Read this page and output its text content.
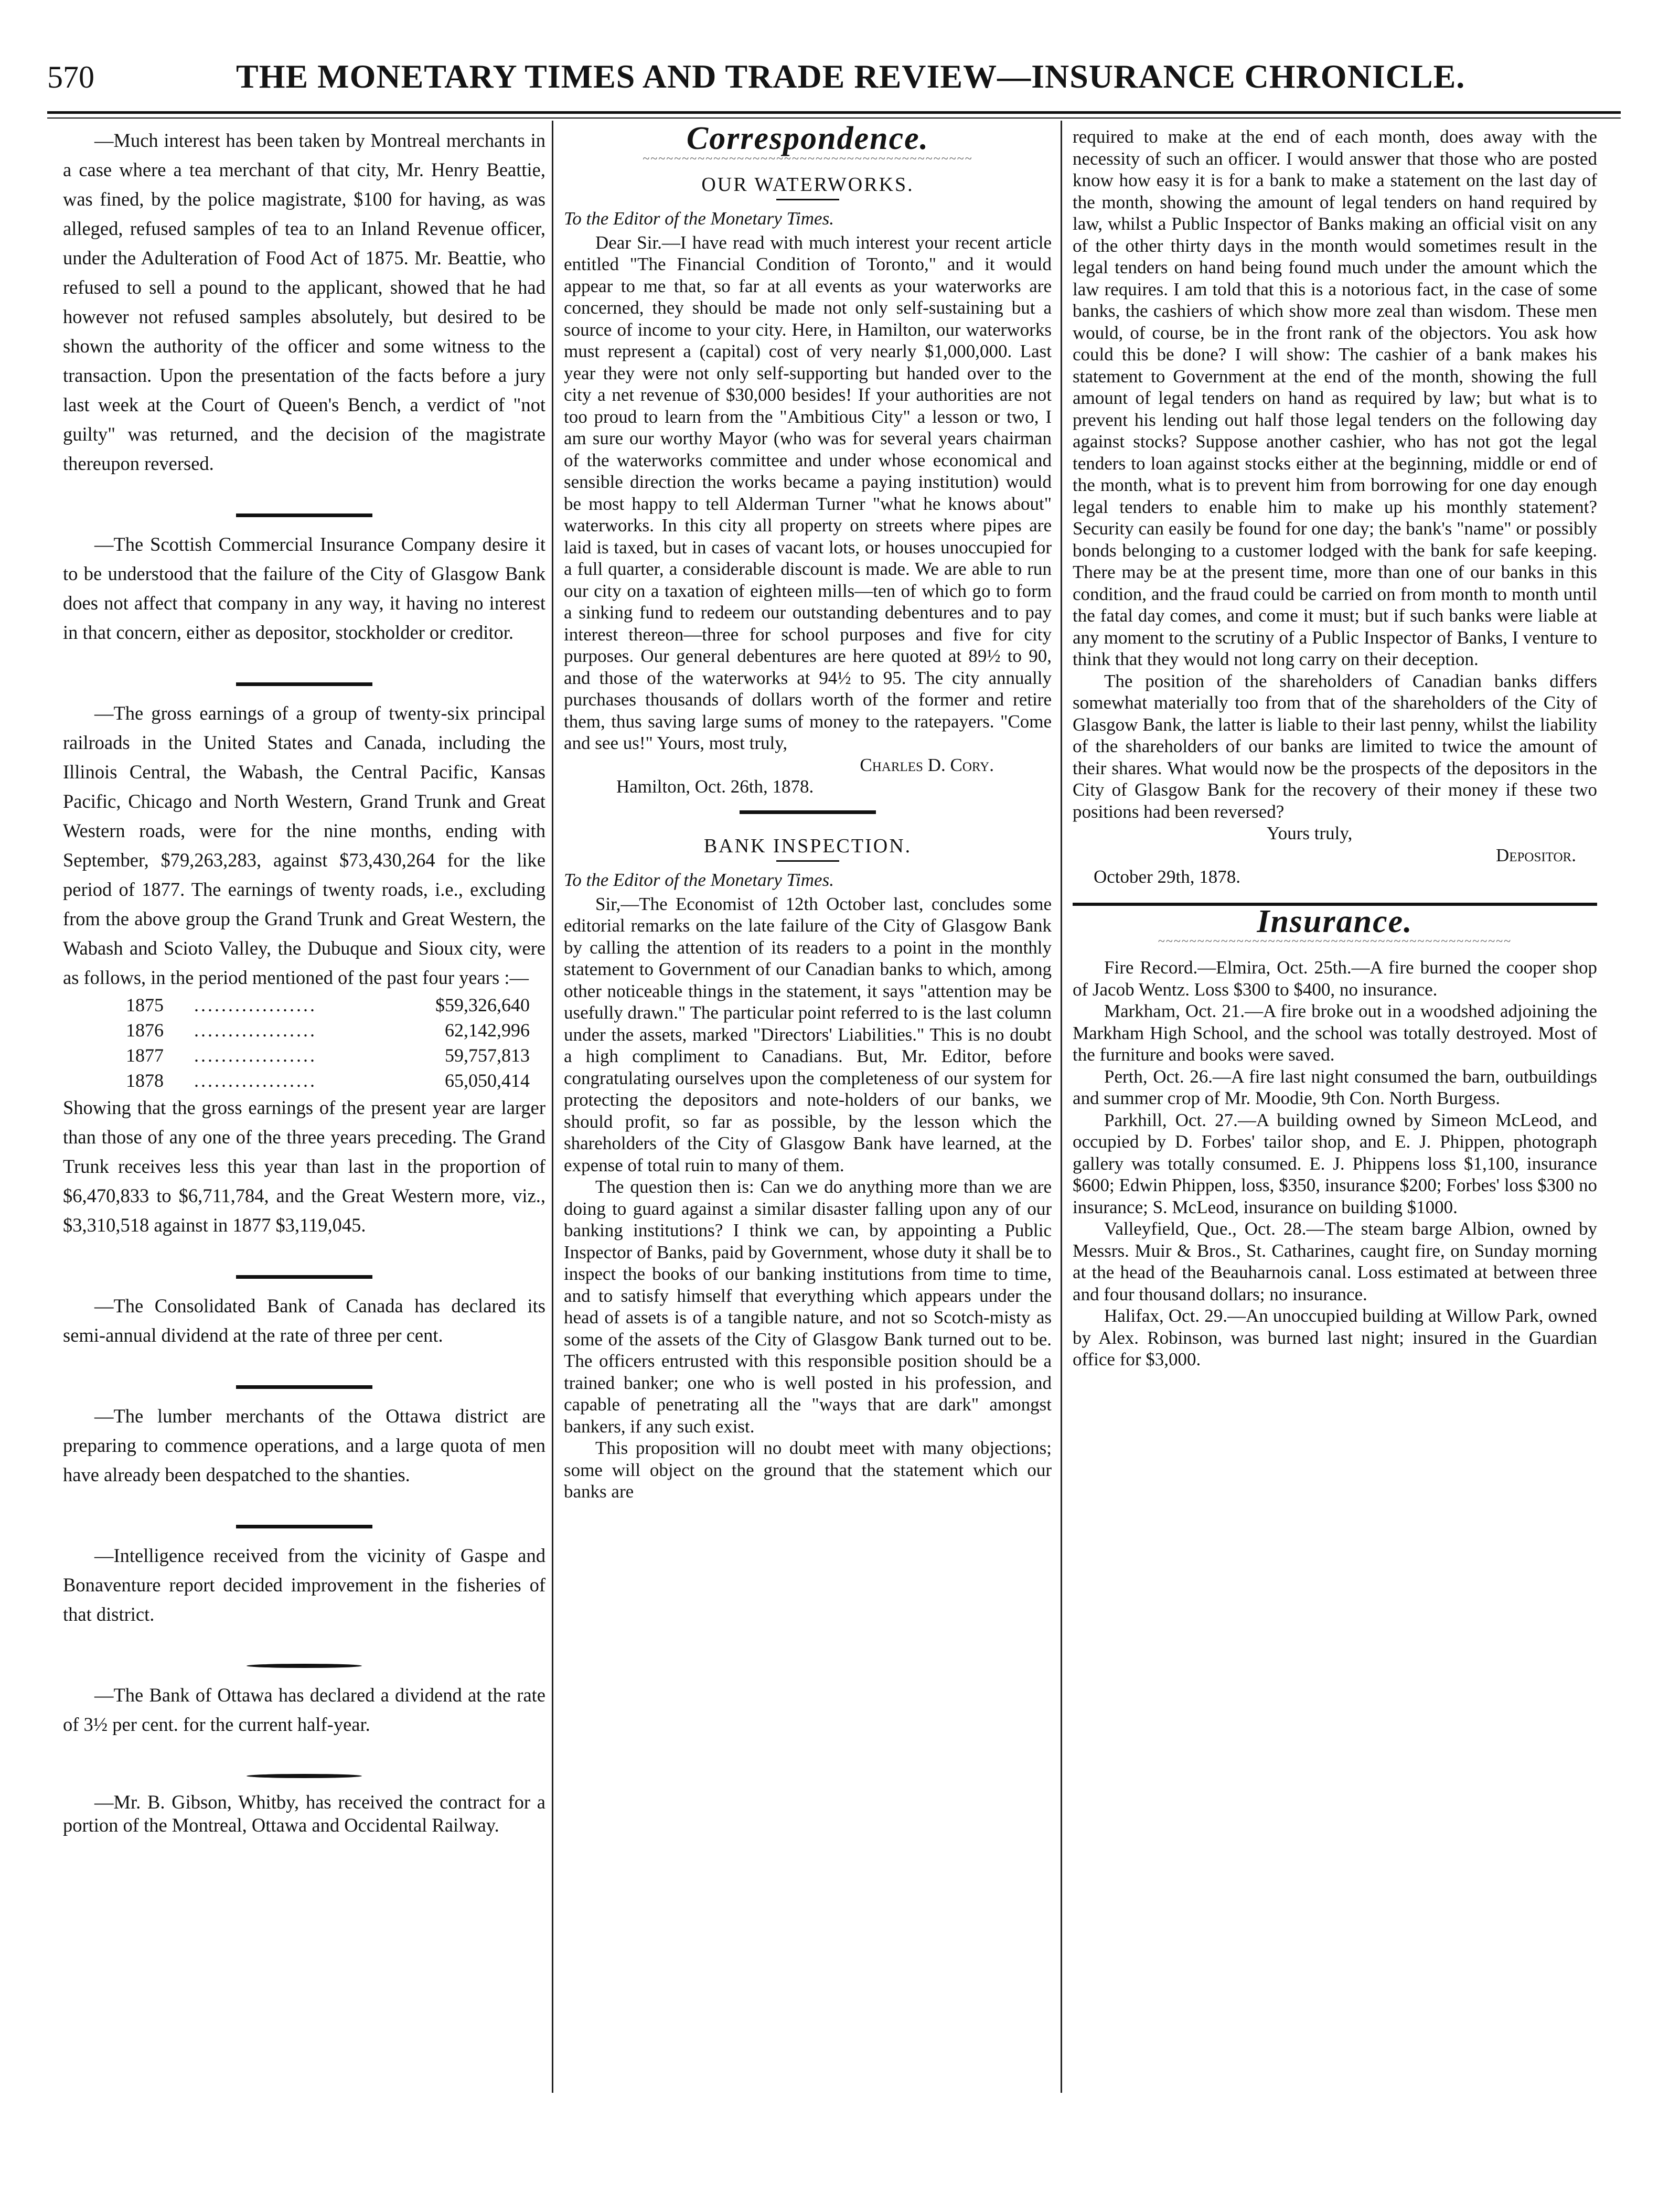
570	THE MONETARY TIMES AND TRADE REVIEW—INSURANCE CHRONICLE.

—Much interest has been taken by Montreal merchants in a case where a tea merchant of that city, Mr. Henry Beattie, was fined, by the police magistrate, $100 for having, as was alleged, refused samples of tea to an Inland Revenue officer, under the Adulteration of Food Act of 1875. Mr. Beattie, who refused to sell a pound to the applicant, showed that he had however not refused samples absolutely, but desired to be shown the authority of the officer and some witness to the transaction. Upon the presentation of the facts before a jury last week at the Court of Queen's Bench, a verdict of "not guilty" was returned, and the decision of the magistrate thereupon reversed.

—The Scottish Commercial Insurance Company desire it to be understood that the failure of the City of Glasgow Bank does not affect that company in any way, it having no interest in that concern, either as depositor, stockholder or creditor.

—The gross earnings of a group of twenty-six principal railroads in the United States and Canada, including the Illinois Central, the Wabash, the Central Pacific, Kansas Pacific, Chicago and North Western, Grand Trunk and Great Western roads, were for the nine months, ending with September, $79,263,283, against $73,430,264 for the like period of 1877. The earnings of twenty roads, i.e., excluding from the above group the Grand Trunk and Great Western, the Wabash and Scioto Valley, the Dubuque and Sioux city, were as follows, in the period mentioned of the past four years :—

1875	..................	$59,326,640
1876	..................	62,142,996
1877	..................	59,757,813
1878	..................	65,050,414

Showing that the gross earnings of the present year are larger than those of any one of the three years preceding. The Grand Trunk receives less this year than last in the proportion of $6,470,833 to $6,711,784, and the Great Western more, viz., $3,310,518 against in 1877 $3,119,045.

—The Consolidated Bank of Canada has declared its semi-annual dividend at the rate of three per cent.

—The lumber merchants of the Ottawa district are preparing to commence operations, and a large quota of men have already been despatched to the shanties.

—Intelligence received from the vicinity of Gaspe and Bonaventure report decided improvement in the fisheries of that district.

—The Bank of Ottawa has declared a dividend at the rate of 3½ per cent. for the current half-year.

—Mr. B. Gibson, Whitby, has received the contract for a portion of the Montreal, Ottawa and Occidental Railway.

Correspondence.

~~~~~~~~~~~~~~~~~~~~~~~~~~~~~~~~~~~~~~~~~~

OUR WATERWORKS.

To the Editor of the Monetary Times.

Dear Sir.—I have read with much interest your recent article entitled "The Financial Condition of Toronto," and it would appear to me that, so far at all events as your waterworks are concerned, they should be made not only self-sustaining but a source of income to your city. Here, in Hamilton, our waterworks must represent a (capital) cost of very nearly $1,000,000. Last year they were not only self-supporting but handed over to the city a net revenue of $30,000 besides! If your authorities are not too proud to learn from the "Ambitious City" a lesson or two, I am sure our worthy Mayor (who was for several years chairman of the waterworks committee and under whose economical and sensible direction the works became a paying institution) would be most happy to tell Alderman Turner "what he knows about" waterworks. In this city all property on streets where pipes are laid is taxed, but in cases of vacant lots, or houses unoccupied for a full quarter, a considerable discount is made. We are able to run our city on a taxation of eighteen mills—ten of which go to form a sinking fund to redeem our outstanding debentures and to pay interest thereon—three for school purposes and five for city purposes. Our general debentures are here quoted at 89½ to 90, and those of the waterworks at 94½ to 95. The city annually purchases thousands of dollars worth of the former and retire them, thus saving large sums of money to the ratepayers. "Come and see us!" Yours, most truly,

Charles D. Cory.

Hamilton, Oct. 26th, 1878.

BANK INSPECTION.

To the Editor of the Monetary Times.

Sir,—The Economist of 12th October last, concludes some editorial remarks on the late failure of the City of Glasgow Bank by calling the attention of its readers to a point in the monthly statement to Government of our Canadian banks to which, among other noticeable things in the statement, it says "attention may be usefully drawn." The particular point referred to is the last column under the assets, marked "Directors' Liabilities." This is no doubt a high compliment to Canadians. But, Mr. Editor, before congratulating ourselves upon the completeness of our system for protecting the depositors and note-holders of our banks, we should profit, so far as possible, by the lesson which the shareholders of the City of Glasgow Bank have learned, at the expense of total ruin to many of them.

The question then is: Can we do anything more than we are doing to guard against a similar disaster falling upon any of our banking institutions? I think we can, by appointing a Public Inspector of Banks, paid by Government, whose duty it shall be to inspect the books of our banking institutions from time to time, and to satisfy himself that everything which appears under the head of assets is of a tangible nature, and not so Scotch-misty as some of the assets of the City of Glasgow Bank turned out to be. The officers entrusted with this responsible position should be a trained banker; one who is well posted in his profession, and capable of penetrating all the "ways that are dark" amongst bankers, if any such exist.

This proposition will no doubt meet with many objections; some will object on the ground that the statement which our banks are

required to make at the end of each month, does away with the necessity of such an officer. I would answer that those who are posted know how easy it is for a bank to make a statement on the last day of the month, showing the amount of legal tenders on hand required by law, whilst a Public Inspector of Banks making an official visit on any of the other thirty days in the month would sometimes result in the legal tenders on hand being found much under the amount which the law requires. I am told that this is a notorious fact, in the case of some banks, the cashiers of which show more zeal than wisdom. These men would, of course, be in the front rank of the objectors. You ask how could this be done? I will show: The cashier of a bank makes his statement to Government at the end of the month, showing the full amount of legal tenders on hand as required by law; but what is to prevent his lending out half those legal tenders on the following day against stocks? Suppose another cashier, who has not got the legal tenders to loan against stocks either at the beginning, middle or end of the month, what is to prevent him from borrowing for one day enough legal tenders to enable him to make up his monthly statement? Security can easily be found for one day; the bank's "name" or possibly bonds belonging to a customer lodged with the bank for safe keeping. There may be at the present time, more than one of our banks in this condition, and the fraud could be carried on from month to month until the fatal day comes, and come it must; but if such banks were liable at any moment to the scrutiny of a Public Inspector of Banks, I venture to think that they would not long carry on their deception.

The position of the shareholders of Canadian banks differs somewhat materially too from that of the shareholders of the City of Glasgow Bank, the latter is liable to their last penny, whilst the liability of the shareholders of our banks are limited to twice the amount of their shares. What would now be the prospects of the depositors in the City of Glasgow Bank for the recovery of their money if these two positions had been reversed?

Yours truly,

Depositor.

October 29th, 1878.

Insurance.

~~~~~~~~~~~~~~~~~~~~~~~~~~~~~~~~~~~~~~~~~~~~~

Fire Record.—Elmira, Oct. 25th.—A fire burned the cooper shop of Jacob Wentz. Loss $300 to $400, no insurance.

Markham, Oct. 21.—A fire broke out in a woodshed adjoining the Markham High School, and the school was totally destroyed. Most of the furniture and books were saved.

Perth, Oct. 26.—A fire last night consumed the barn, outbuildings and summer crop of Mr. Moodie, 9th Con. North Burgess.

Parkhill, Oct. 27.—A building owned by Simeon McLeod, and occupied by D. Forbes' tailor shop, and E. J. Phippen, photograph gallery was totally consumed. E. J. Phippens loss $1,100, insurance $600; Edwin Phippen, loss, $350, insurance $200; Forbes' loss $300 no insurance; S. McLeod, insurance on building $1000.

Valleyfield, Que., Oct. 28.—The steam barge Albion, owned by Messrs. Muir & Bros., St. Catharines, caught fire, on Sunday morning at the head of the Beauharnois canal. Loss estimated at between three and four thousand dollars; no insurance.

Halifax, Oct. 29.—An unoccupied building at Willow Park, owned by Alex. Robinson, was burned last night; insured in the Guardian office for $3,000.
